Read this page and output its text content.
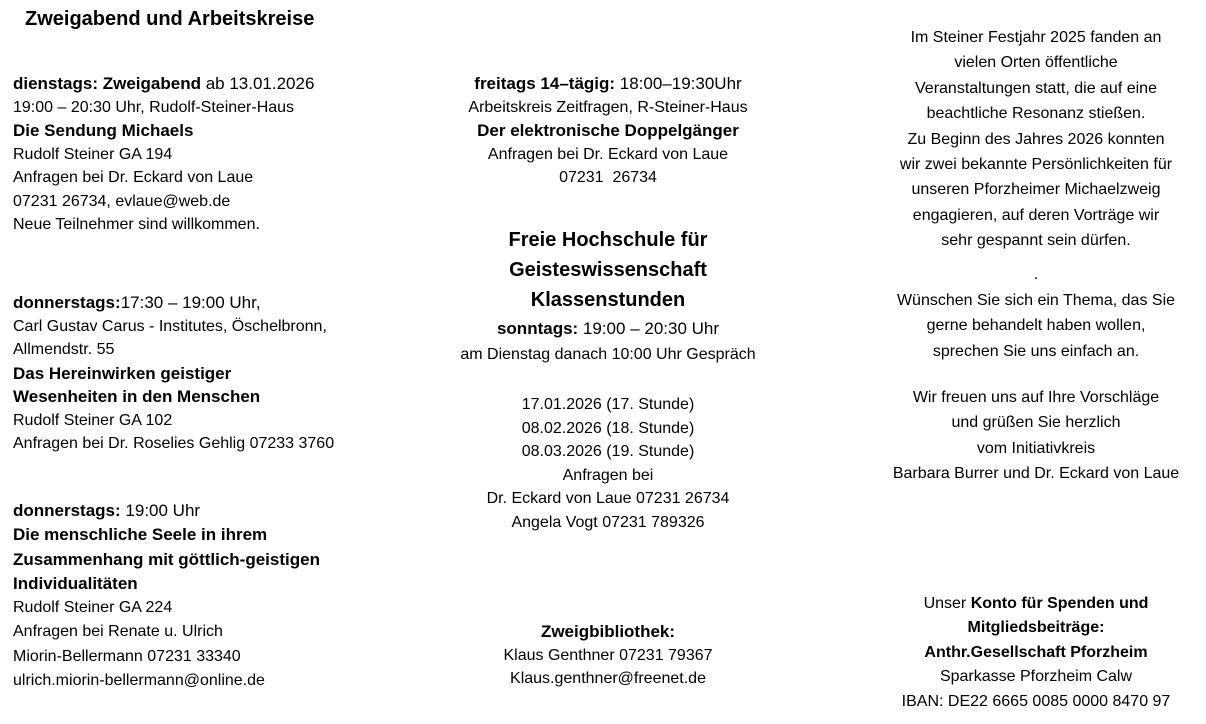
Zweigabend und Arbeitskreise
dienstags: Zweigabend ab 13.01.2026
19:00 – 20:30 Uhr, Rudolf-Steiner-Haus
Die Sendung Michaels
Rudolf Steiner GA 194
Anfragen bei Dr. Eckard von Laue
07231 26734, evlaue@web.de
Neue Teilnehmer sind willkommen.
donnerstags:17:30 – 19:00 Uhr,
Carl Gustav Carus - Institutes, Öschelbronn,
Allmendstr. 55
Das Hereinwirken geistiger
Wesenheiten in den Menschen
Rudolf Steiner GA 102
Anfragen bei Dr. Roselies Gehlig 07233 3760
donnerstags: 19:00 Uhr
Die menschliche Seele in ihrem
Zusammenhang mit göttlich-geistigen
Individualitäten
Rudolf Steiner GA 224
Anfragen bei Renate u. Ulrich
Miorin-Bellermann 07231 33340
ulrich.miorin-bellermann@online.de
freitags 14–tägig: 18:00–19:30Uhr
Arbeitskreis Zeitfragen, R-Steiner-Haus
Der elektronische Doppelgänger
Anfragen bei Dr. Eckard von Laue
07231  26734
Freie Hochschule für
Geisteswissenschaft
Klassenstunden
sonntags: 19:00 – 20:30 Uhr
am Dienstag danach 10:00 Uhr Gespräch
17.01.2026 (17. Stunde)
08.02.2026 (18. Stunde)
08.03.2026 (19. Stunde)
Anfragen bei
Dr. Eckard von Laue 07231 26734
Angela Vogt 07231 789326
Zweigbibliothek:
Klaus Genthner 07231 79367
Klaus.genthner@freenet.de
Im Steiner Festjahr 2025 fanden an
vielen Orten öffentliche
Veranstaltungen statt, die auf eine
beachtliche Resonanz stießen.
Zu Beginn des Jahres 2026 konnten
wir zwei bekannte Persönlichkeiten für
unseren Pforzheimer Michaelzweig
engagieren, auf deren Vorträge wir
sehr gespannt sein dürfen.
.
Wünschen Sie sich ein Thema, das Sie
gerne behandelt haben wollen,
sprechen Sie uns einfach an.
Wir freuen uns auf Ihre Vorschläge
und grüßen Sie herzlich
vom Initiativkreis
Barbara Burrer und Dr. Eckard von Laue
Unser Konto für Spenden und
Mitgliedsbeiträge:
Anthr.Gesellschaft Pforzheim
Sparkasse Pforzheim Calw
IBAN: DE22 6665 0085 0000 8470 97
